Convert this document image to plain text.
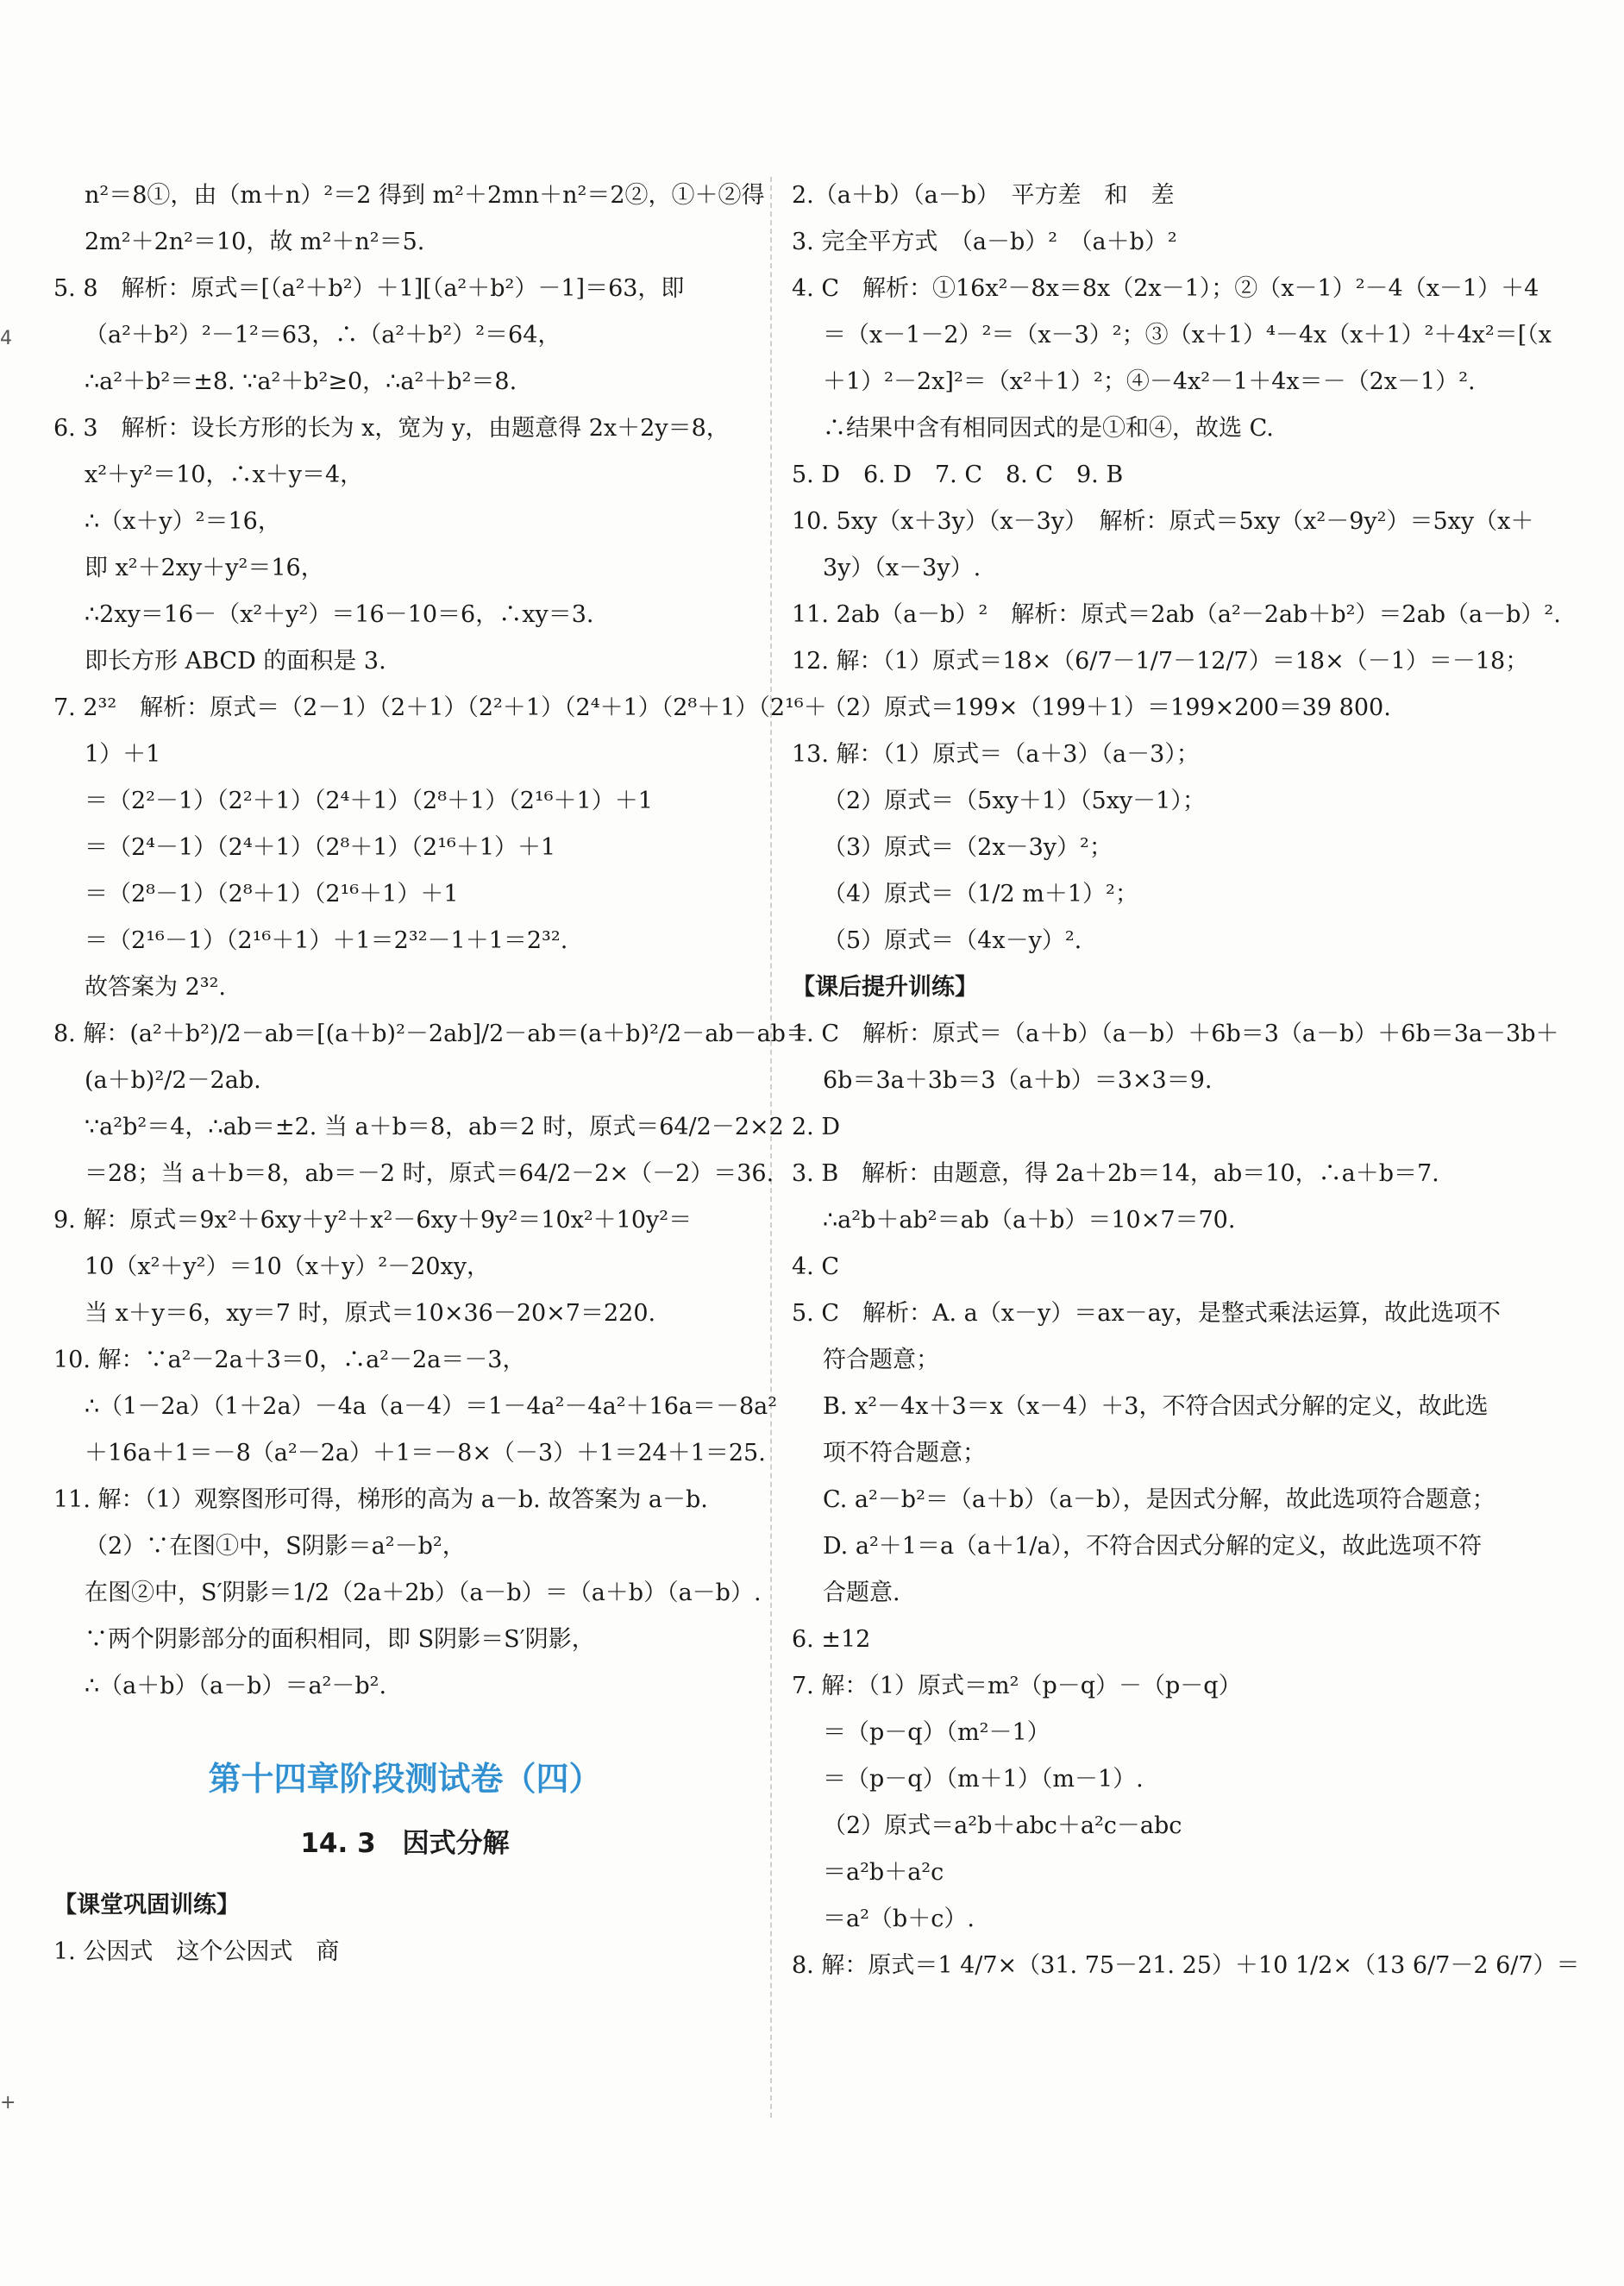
4
+
n²＝8①，由（m＋n）²＝2 得到 m²＋2mn＋n²＝2②，①＋②得
2m²＋2n²＝10，故 m²＋n²＝5.
5. 8　解析：原式＝[（a²＋b²）＋1][（a²＋b²）－1]＝63，即
（a²＋b²）²－1²＝63，∴（a²＋b²）²＝64，
∴a²＋b²＝±8. ∵a²＋b²≥0，∴a²＋b²＝8.
6. 3　解析：设长方形的长为 x，宽为 y，由题意得 2x＋2y＝8，
x²＋y²＝10，∴x＋y＝4，
∴（x＋y）²＝16，
即 x²＋2xy＋y²＝16，
∴2xy＝16－（x²＋y²）＝16－10＝6，∴xy＝3.
即长方形 ABCD 的面积是 3.
7. 2³²　解析：原式＝（2－1）（2＋1）（2²＋1）（2⁴＋1）（2⁸＋1）（2¹⁶＋
1）＋1
＝（2²－1）（2²＋1）（2⁴＋1）（2⁸＋1）（2¹⁶＋1）＋1
＝（2⁴－1）（2⁴＋1）（2⁸＋1）（2¹⁶＋1）＋1
＝（2⁸－1）（2⁸＋1）（2¹⁶＋1）＋1
＝（2¹⁶－1）（2¹⁶＋1）＋1＝2³²－1＋1＝2³².
故答案为 2³².
8. 解：(a²＋b²)/2－ab＝[(a＋b)²－2ab]/2－ab＝(a＋b)²/2－ab－ab＝
(a＋b)²/2－2ab.
∵a²b²＝4，∴ab＝±2. 当 a＋b＝8，ab＝2 时，原式＝64/2－2×2
＝28；当 a＋b＝8，ab＝－2 时，原式＝64/2－2×（－2）＝36.
9. 解：原式＝9x²＋6xy＋y²＋x²－6xy＋9y²＝10x²＋10y²＝
10（x²＋y²）＝10（x＋y）²－20xy，
当 x＋y＝6，xy＝7 时，原式＝10×36－20×7＝220.
10. 解：∵a²－2a＋3＝0，∴a²－2a＝－3，
∴（1－2a）（1＋2a）－4a（a－4）＝1－4a²－4a²＋16a＝－8a²
＋16a＋1＝－8（a²－2a）＋1＝－8×（－3）＋1＝24＋1＝25.
11. 解：（1）观察图形可得，梯形的高为 a－b. 故答案为 a－b.
（2）∵在图①中，S阴影＝a²－b²，
在图②中，S′阴影＝1/2（2a＋2b）（a－b）＝（a＋b）（a－b）.
∵两个阴影部分的面积相同，即 S阴影＝S′阴影，
∴（a＋b）（a－b）＝a²－b².
第十四章阶段测试卷（四）
14. 3　因式分解
【课堂巩固训练】
1. 公因式　这个公因式　商
2.（a＋b）（a－b）　平方差　和　差
3. 完全平方式　（a－b）²　（a＋b）²
4. C　解析：①16x²－8x＝8x（2x－1）；②（x－1）²－4（x－1）＋4
＝（x－1－2）²＝（x－3）²；③（x＋1）⁴－4x（x＋1）²＋4x²＝[（x
＋1）²－2x]²＝（x²＋1）²；④－4x²－1＋4x＝－（2x－1）².
∴结果中含有相同因式的是①和④，故选 C.
5. D　6. D　7. C　8. C　9. B
10. 5xy（x＋3y）（x－3y）　解析：原式＝5xy（x²－9y²）＝5xy（x＋
3y）（x－3y）.
11. 2ab（a－b）²　解析：原式＝2ab（a²－2ab＋b²）＝2ab（a－b）².
12. 解：（1）原式＝18×（6/7－1/7－12/7）＝18×（－1）＝－18；
（2）原式＝199×（199＋1）＝199×200＝39 800.
13. 解：（1）原式＝（a＋3）（a－3）；
（2）原式＝（5xy＋1）（5xy－1）；
（3）原式＝（2x－3y）²；
（4）原式＝（1/2 m＋1）²；
（5）原式＝（4x－y）².
【课后提升训练】
1. C　解析：原式＝（a＋b）（a－b）＋6b＝3（a－b）＋6b＝3a－3b＋
6b＝3a＋3b＝3（a＋b）＝3×3＝9.
2. D
3. B　解析：由题意，得 2a＋2b＝14，ab＝10，∴a＋b＝7.
∴a²b＋ab²＝ab（a＋b）＝10×7＝70.
4. C
5. C　解析：A. a（x－y）＝ax－ay，是整式乘法运算，故此选项不
符合题意；
B. x²－4x＋3＝x（x－4）＋3，不符合因式分解的定义，故此选
项不符合题意；
C. a²－b²＝（a＋b）（a－b），是因式分解，故此选项符合题意；
D. a²＋1＝a（a＋1/a），不符合因式分解的定义，故此选项不符
合题意.
6. ±12
7. 解：（1）原式＝m²（p－q）－（p－q）
＝（p－q）（m²－1）
＝（p－q）（m＋1）（m－1）.
（2）原式＝a²b＋abc＋a²c－abc
＝a²b＋a²c
＝a²（b＋c）.
8. 解：原式＝1 4/7×（31. 75－21. 25）＋10 1/2×（13 6/7－2 6/7）＝
